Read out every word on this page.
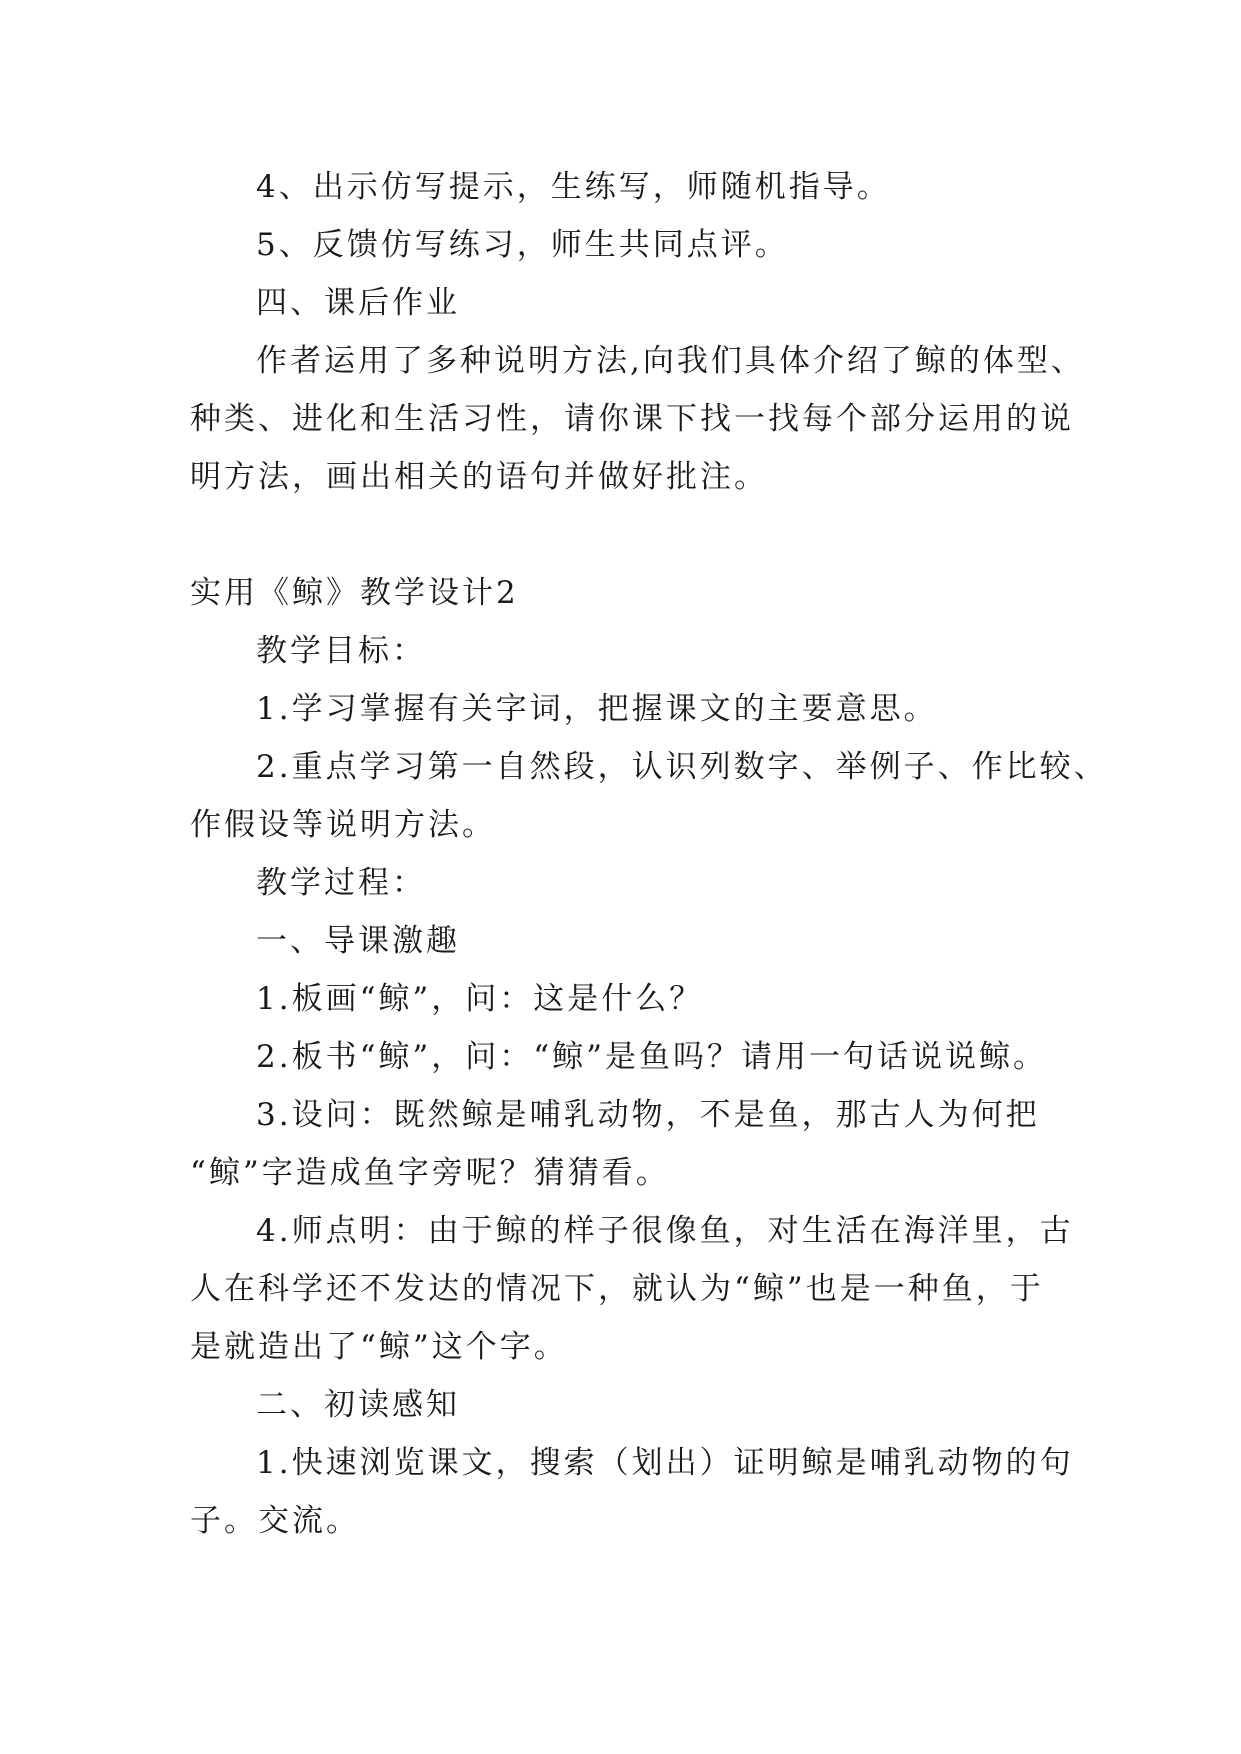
4、出示仿写提示，生练写，师随机指导。
5、反馈仿写练习，师生共同点评。
四、课后作业
作者运用了多种说明方法,向我们具体介绍了鲸的体型、
种类、进化和生活习性，请你课下找一找每个部分运用的说
明方法，画出相关的语句并做好批注。
实用《鲸》教学设计2
教学目标：
1.学习掌握有关字词，把握课文的主要意思。
2.重点学习第一自然段，认识列数字、举例子、作比较、
作假设等说明方法。
教学过程：
一、导课激趣
1.板画“鲸”，问：这是什么？
2.板书“鲸”，问：“鲸”是鱼吗？请用一句话说说鲸。
3.设问：既然鲸是哺乳动物，不是鱼，那古人为何把
“鲸”字造成鱼字旁呢？猜猜看。
4.师点明：由于鲸的样子很像鱼，对生活在海洋里，古
人在科学还不发达的情况下，就认为“鲸”也是一种鱼，于
是就造出了“鲸”这个字。
二、初读感知
1.快速浏览课文，搜索（划出）证明鲸是哺乳动物的句
子。交流。
